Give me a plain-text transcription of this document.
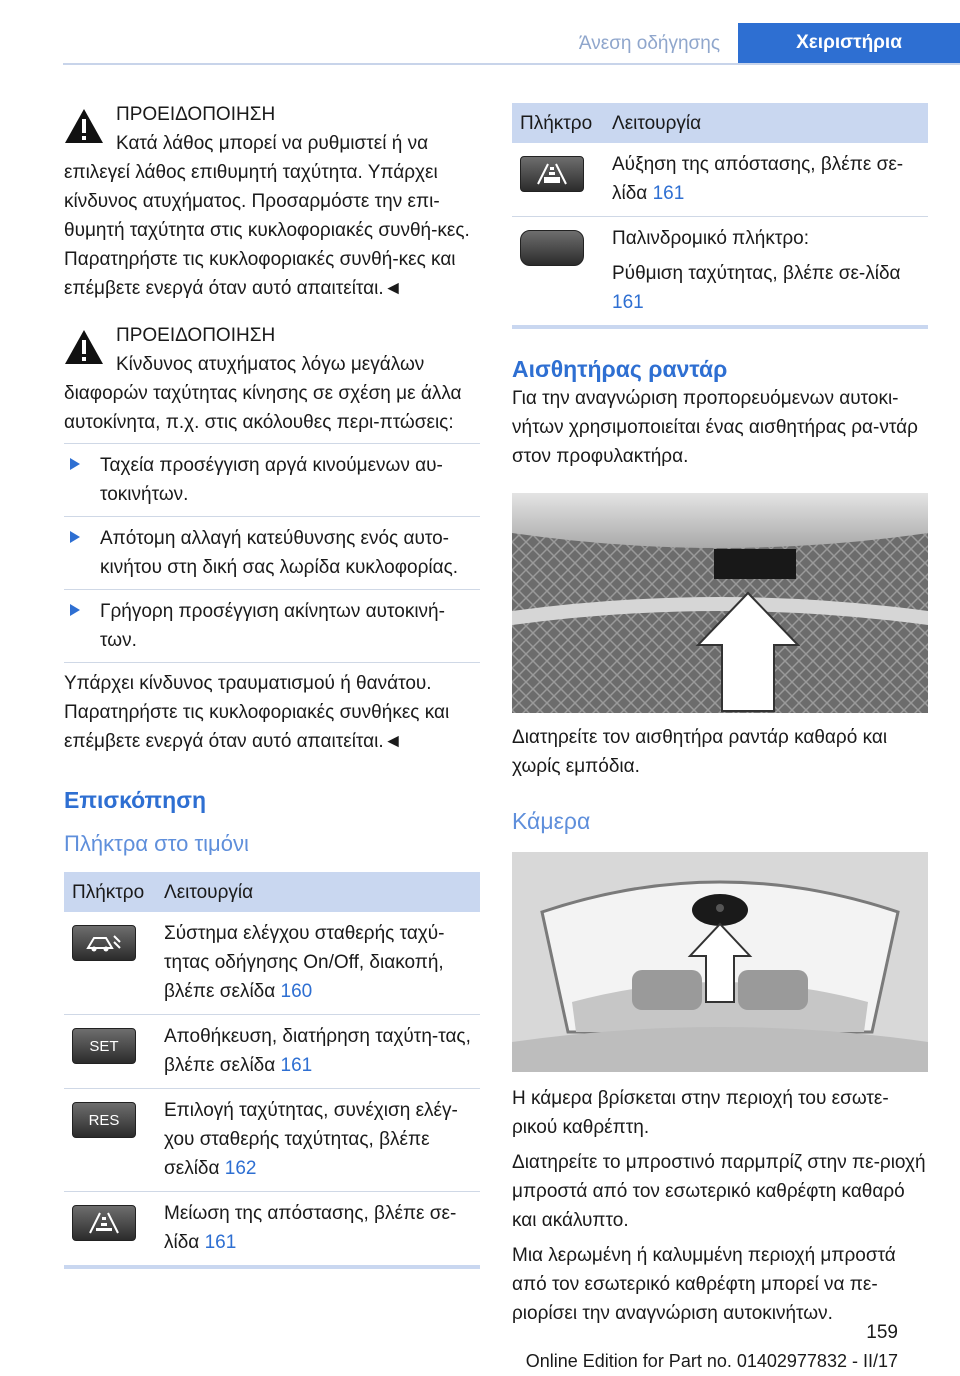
Άνεση οδήγησης	Χειριστήρια

ΠΡΟΕΙΔΟΠΟΙΗΣΗ

Κατά λάθος μπορεί να ρυθμιστεί ή να επιλεγεί λάθος επιθυμητή ταχύτητα. Υπάρχει κίνδυνος ατυχήματος. Προσαρμόστε την επι-θυμητή ταχύτητα στις κυκλοφοριακές συνθή-κες. Παρατηρήστε τις κυκλοφοριακές συνθή-κες και επέμβετε ενεργά όταν αυτό απαιτείται.◄

ΠΡΟΕΙΔΟΠΟΙΗΣΗ

Κίνδυνος ατυχήματος λόγω μεγάλων διαφορών ταχύτητας κίνησης σε σχέση με άλλα αυτοκίνητα, π.χ. στις ακόλουθες περι-πτώσεις:

Ταχεία προσέγγιση αργά κινούμενων αυ-τοκινήτων.
Απότομη αλλαγή κατεύθυνσης ενός αυτο-κινήτου στη δική σας λωρίδα κυκλοφορίας.
Γρήγορη προσέγγιση ακίνητων αυτοκινή-των.

Υπάρχει κίνδυνος τραυματισμού ή θανάτου. Παρατηρήστε τις κυκλοφοριακές συνθήκες και επέμβετε ενεργά όταν αυτό απαιτείται.◄

Επισκόπηση
Πλήκτρα στο τιμόνι
Πλήκτρο	Λειτουργία

	Σύστημα ελέγχου σταθερής ταχύ-τητας οδήγησης On/Off, διακοπή, βλέπε σελίδα 160

SET	Αποθήκευση, διατήρηση ταχύτη-τας, βλέπε σελίδα 161

RES	Επιλογή ταχύτητας, συνέχιση ελέγ-χου σταθερής ταχύτητας, βλέπε σελίδα 162

	Μείωση της απόστασης, βλέπε σε-λίδα 161
Πλήκτρο	Λειτουργία

	Αύξηση της απόστασης, βλέπε σε-λίδα 161

	Παλινδρομικό πλήκτρο:

Ρύθμιση ταχύτητας, βλέπε σε-λίδα 161
Αισθητήρας ραντάρ

Για την αναγνώριση προπορευόμενων αυτοκι-νήτων χρησιμοποιείται ένας αισθητήρας ρα-ντάρ στον προφυλακτήρα.

Διατηρείτε τον αισθητήρα ραντάρ καθαρό και χωρίς εμπόδια.

Κάμερα

Η κάμερα βρίσκεται στην περιοχή του εσωτε-ρικού καθρέπτη.

Διατηρείτε το μπροστινό παρμπρίζ στην πε-ριοχή μπροστά από τον εσωτερικό καθρέφτη καθαρό και ακάλυπτο.

Μια λερωμένη ή καλυμμένη περιοχή μπροστά από τον εσωτερικό καθρέφτη μπορεί να πε-ριορίσει την αναγνώριση αυτοκινήτων.

159
Online Edition for Part no. 01402977832 - II/17
